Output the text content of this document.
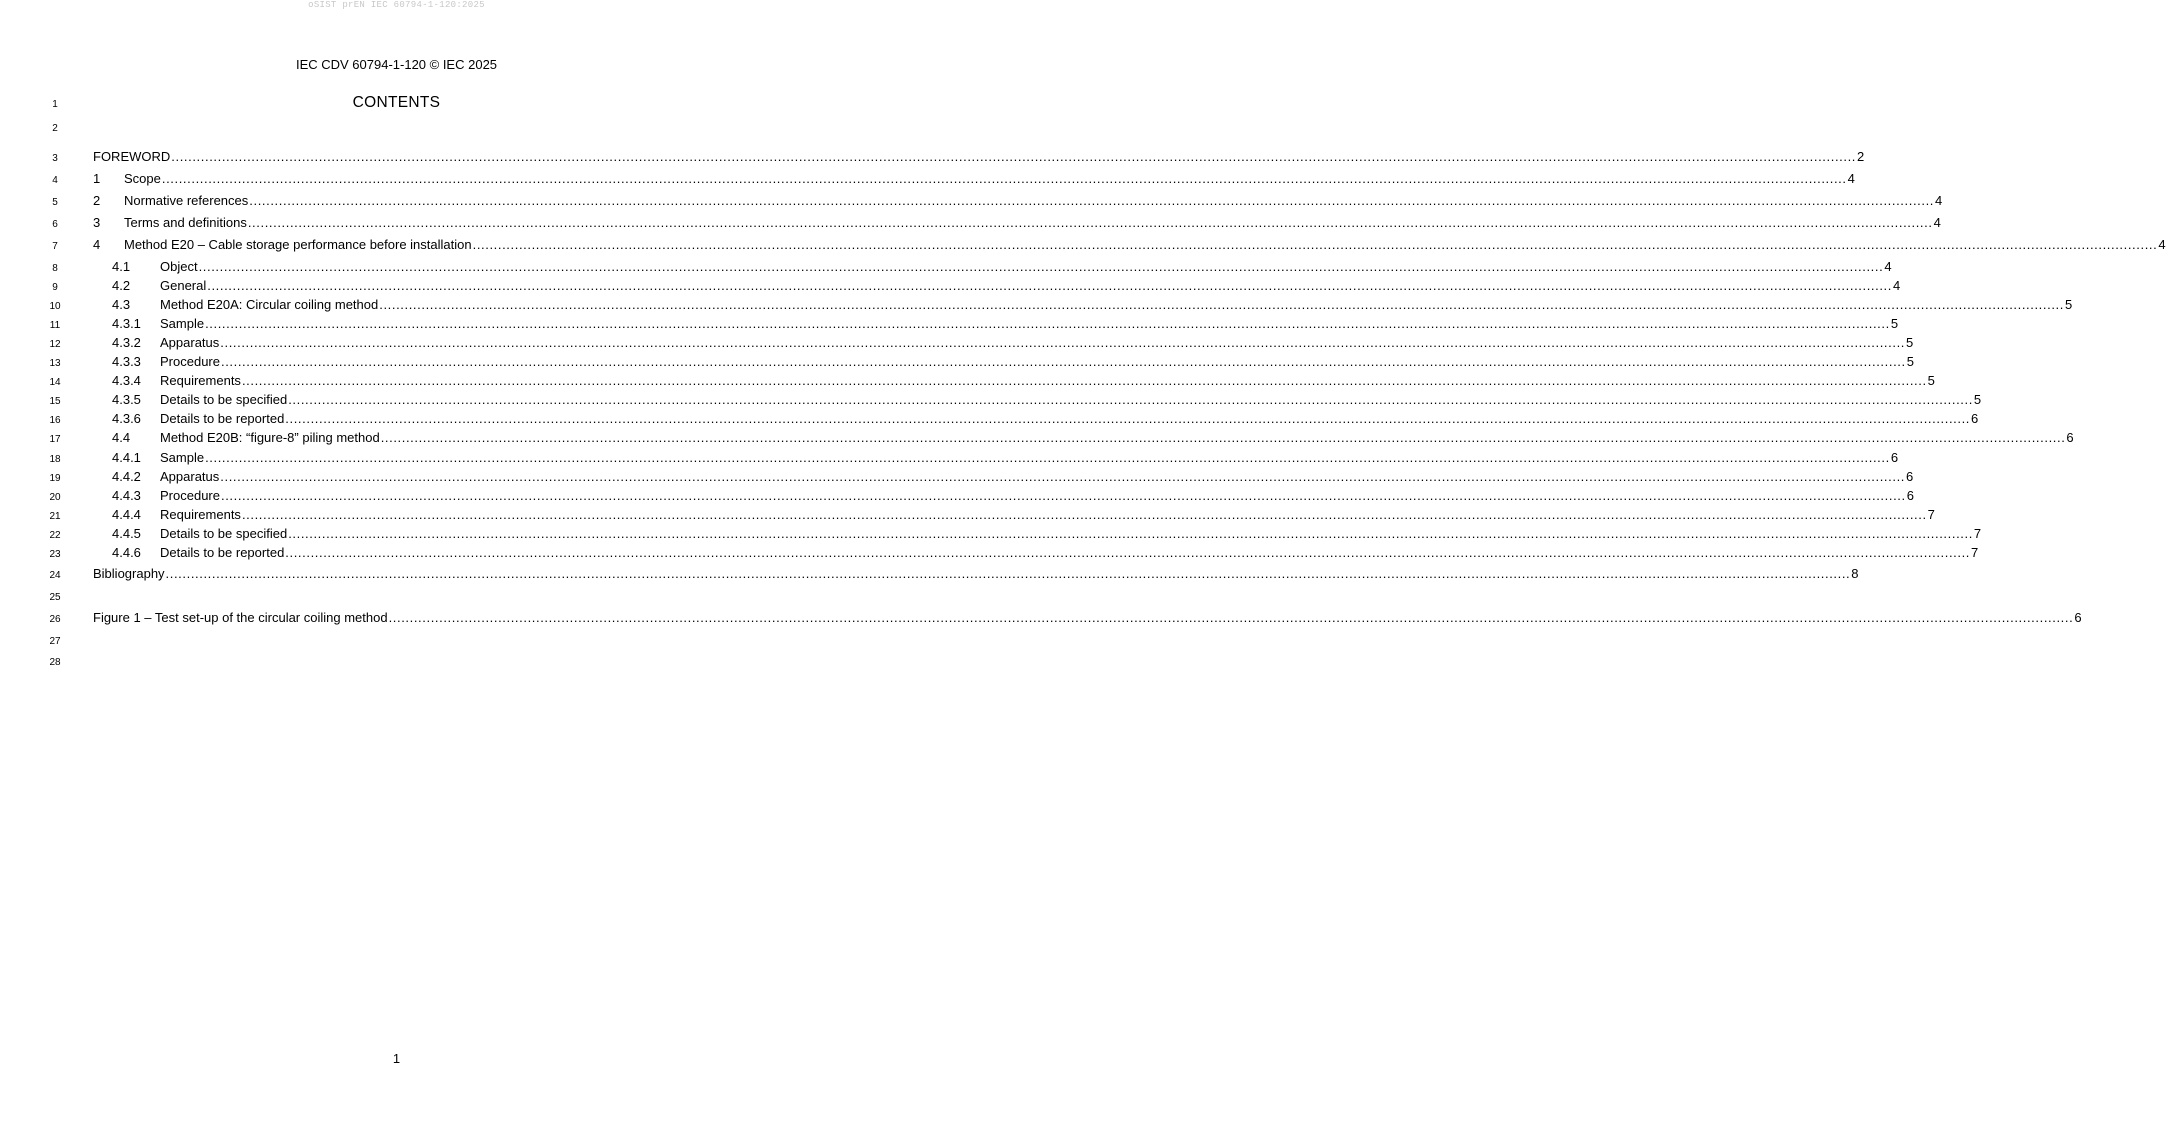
oSIST prEN IEC 60794-1-120:2025
IEC CDV 60794-1-120 © IEC 2025
CONTENTS
1
2
3
4
5
6
7
8
9
10
11
12
13
14
15
16
17
18
19
20
21
22
23
24
25
26
27
28
FOREWORD ................................................................................................................................................................................................................................................................................................................................................................................................................ 2
1	Scope ................................................................................................................................................................................................................................................................................................................................................................................................................ 4
2	Normative references ................................................................................................................................................................................................................................................................................................................................................................................................................ 4
3	Terms and definitions ................................................................................................................................................................................................................................................................................................................................................................................................................ 4
4	Method E20 – Cable storage performance before installation ................................................................................................................................................................................................................................................................................................................................................................................................................ 4
4.1	Object ................................................................................................................................................................................................................................................................................................................................................................................................................ 4
4.2	General ................................................................................................................................................................................................................................................................................................................................................................................................................ 4
4.3	Method E20A: Circular coiling method ................................................................................................................................................................................................................................................................................................................................................................................................................ 5
4.3.1	Sample ................................................................................................................................................................................................................................................................................................................................................................................................................ 5
4.3.2	Apparatus ................................................................................................................................................................................................................................................................................................................................................................................................................ 5
4.3.3	Procedure ................................................................................................................................................................................................................................................................................................................................................................................................................ 5
4.3.4	Requirements ................................................................................................................................................................................................................................................................................................................................................................................................................ 5
4.3.5	Details to be specified ................................................................................................................................................................................................................................................................................................................................................................................................................ 5
4.3.6	Details to be reported ................................................................................................................................................................................................................................................................................................................................................................................................................ 6
4.4	Method E20B: “figure-8” piling method ................................................................................................................................................................................................................................................................................................................................................................................................................ 6
4.4.1	Sample ................................................................................................................................................................................................................................................................................................................................................................................................................ 6
4.4.2	Apparatus ................................................................................................................................................................................................................................................................................................................................................................................................................ 6
4.4.3	Procedure ................................................................................................................................................................................................................................................................................................................................................................................................................ 6
4.4.4	Requirements ................................................................................................................................................................................................................................................................................................................................................................................................................ 7
4.4.5	Details to be specified ................................................................................................................................................................................................................................................................................................................................................................................................................ 7
4.4.6	Details to be reported ................................................................................................................................................................................................................................................................................................................................................................................................................ 7
Bibliography ................................................................................................................................................................................................................................................................................................................................................................................................................ 8
Figure 1 – Test set-up of the circular coiling method ................................................................................................................................................................................................................................................................................................................................................................................................................ 6
1
